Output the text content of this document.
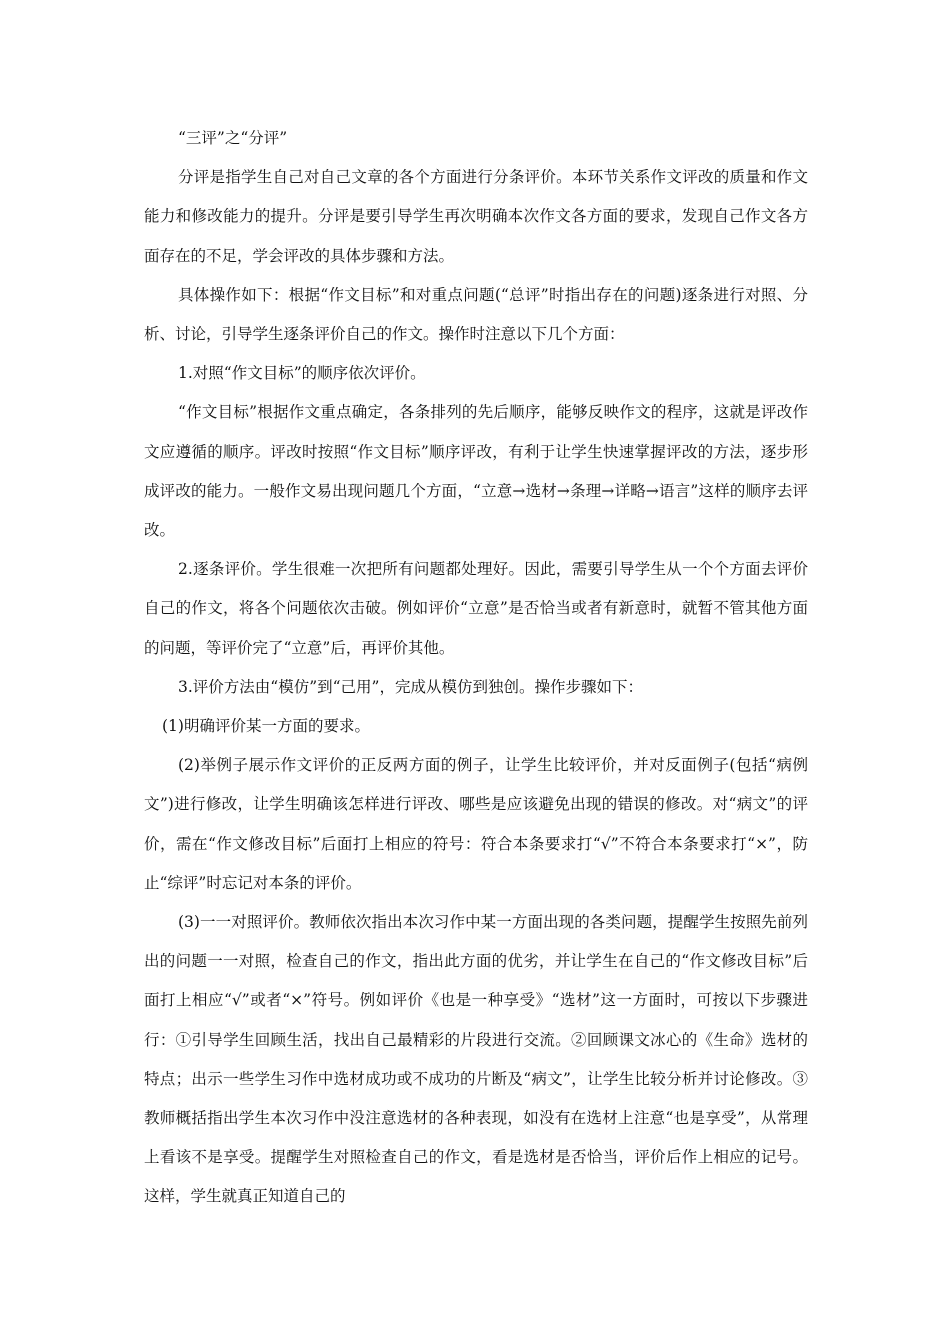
“三评”之“分评”

分评是指学生自己对自己文章的各个方面进行分条评价。本环节关系作文评改的质量和作文能力和修改能力的提升。分评是要引导学生再次明确本次作文各方面的要求，发现自己作文各方面存在的不足，学会评改的具体步骤和方法。

具体操作如下：根据“作文目标”和对重点问题(“总评”时指出存在的问题)逐条进行对照、分析、讨论，引导学生逐条评价自己的作文。操作时注意以下几个方面：

1.对照“作文目标”的顺序依次评价。

“作文目标”根据作文重点确定，各条排列的先后顺序，能够反映作文的程序，这就是评改作文应遵循的顺序。评改时按照“作文目标”顺序评改，有利于让学生快速掌握评改的方法，逐步形成评改的能力。一般作文易出现问题几个方面，“立意→选材→条理→详略→语言”这样的顺序去评改。

2.逐条评价。学生很难一次把所有问题都处理好。因此，需要引导学生从一个个方面去评价自己的作文，将各个问题依次击破。例如评价“立意”是否恰当或者有新意时，就暂不管其他方面的问题，等评价完了“立意”后，再评价其他。

3.评价方法由“模仿”到“己用”，完成从模仿到独创。操作步骤如下：

(1)明确评价某一方面的要求。

(2)举例子展示作文评价的正反两方面的例子，让学生比较评价，并对反面例子(包括“病例文”)进行修改，让学生明确该怎样进行评改、哪些是应该避免出现的错误的修改。对“病文”的评价，需在“作文修改目标”后面打上相应的符号：符合本条要求打“√”不符合本条要求打“×”，防止“综评”时忘记对本条的评价。

(3)一一对照评价。教师依次指出本次习作中某一方面出现的各类问题，提醒学生按照先前列出的问题一一对照，检查自己的作文，指出此方面的优劣，并让学生在自己的“作文修改目标”后面打上相应“√”或者“×”符号。例如评价《也是一种享受》“选材”这一方面时，可按以下步骤进行：①引导学生回顾生活，找出自己最精彩的片段进行交流。②回顾课文冰心的《生命》选材的特点；出示一些学生习作中选材成功或不成功的片断及“病文”，让学生比较分析并讨论修改。③教师概括指出学生本次习作中没注意选材的各种表现，如没有在选材上注意“也是享受”，从常理上看该不是享受。提醒学生对照检查自己的作文，看是选材是否恰当，评价后作上相应的记号。这样，学生就真正知道自己的
